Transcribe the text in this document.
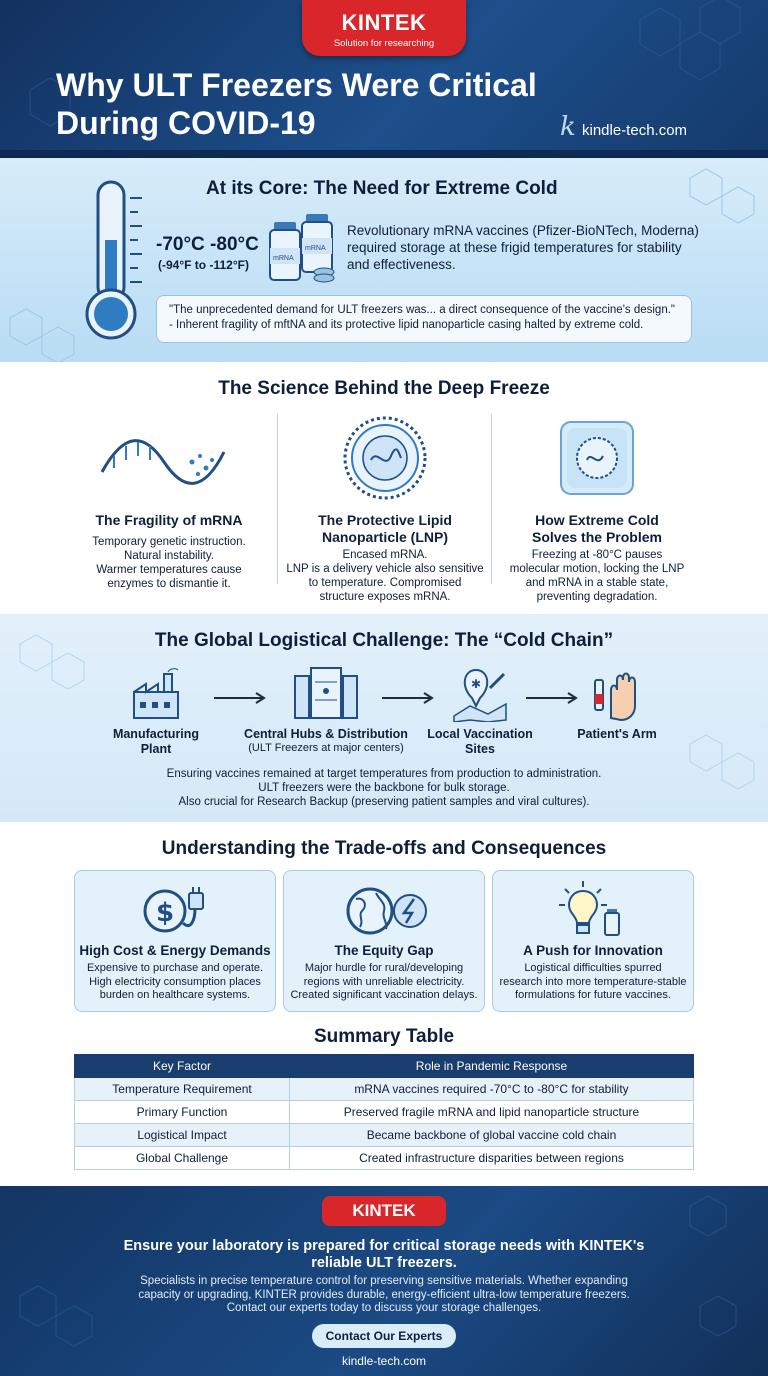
KINTEK
Solution for researching
Why ULT Freezers Were Critical
During COVID-19	k kindle-tech.com
At its Core: The Need for Extreme Cold
-70°C -80°C
(-94°F to -112°F)	mRNA
mRNA
Revolutionary mRNA vaccines (Pfizer-BioNTech, Moderna) required storage at these frigid temperatures for stability and effectiveness.
"The unprecedented demand for ULT freezers was... a direct consequence of the vaccine's design."
- Inherent fragility of mftNA and its protective lipid nanoparticle casing halted by extreme cold.
The Science Behind the Deep Freeze
The Fragility of mRNA

Temporary genetic instruction.
Natural instability.
Warmer temperatures cause
enzymes to dismantie it.

The Protective Lipid
Nanoparticle (LNP)

Encased mRNA.
LNP is a delivery vehicle also sensitive
to temperature. Compromised
structure exposes mRNA.

How Extreme Cold
Solves the Problem

Freezing at -80°C pauses
molecular motion, locking the LNP
and mRNA in a stable state,
preventing degradation.

The Global Logistical Challenge: The “Cold Chain”
Manufacturing
Plant
Central Hubs & Distribution
(ULT Freezers at major centers)
✱
Local Vaccination
Sites
Patient's Arm
Ensuring vaccines remained at target temperatures from production to administration.
ULT freezers were the backbone for bulk storage.
Also crucial for Research Backup (preserving patient samples and viral cultures).
Understanding the Trade-offs and Consequences
$
High Cost & Energy Demands

Expensive to purchase and operate.
High electricity consumption places
burden on healthcare systems.

The Equity Gap

Major hurdle for rural/developing
regions with unreliable electricity.
Created significant vaccination delays.

A Push for Innovation

Logistical difficulties spurred
research into more temperature-stable
formulations for future vaccines.

Summary Table
Key Factor	Role in Pandemic Response
Temperature Requirement	mRNA vaccines required -70°C to -80°C for stability
Primary Function	Preserved fragile mRNA and lipid nanoparticle structure
Logistical Impact	Became backbone of global vaccine cold chain
Global Challenge	Created infrastructure disparities between regions
KINTEK
Ensure your laboratory is prepared for critical storage needs with KINTEK's reliable ULT freezers.
Specialists in precise temperature control for preserving sensitive materials. Whether expanding capacity or upgrading, KINTER provides durable, energy-efficient ultra-low temperature freezers. Contact our experts today to discuss your storage challenges.
Contact Our Experts
kindle-tech.com
